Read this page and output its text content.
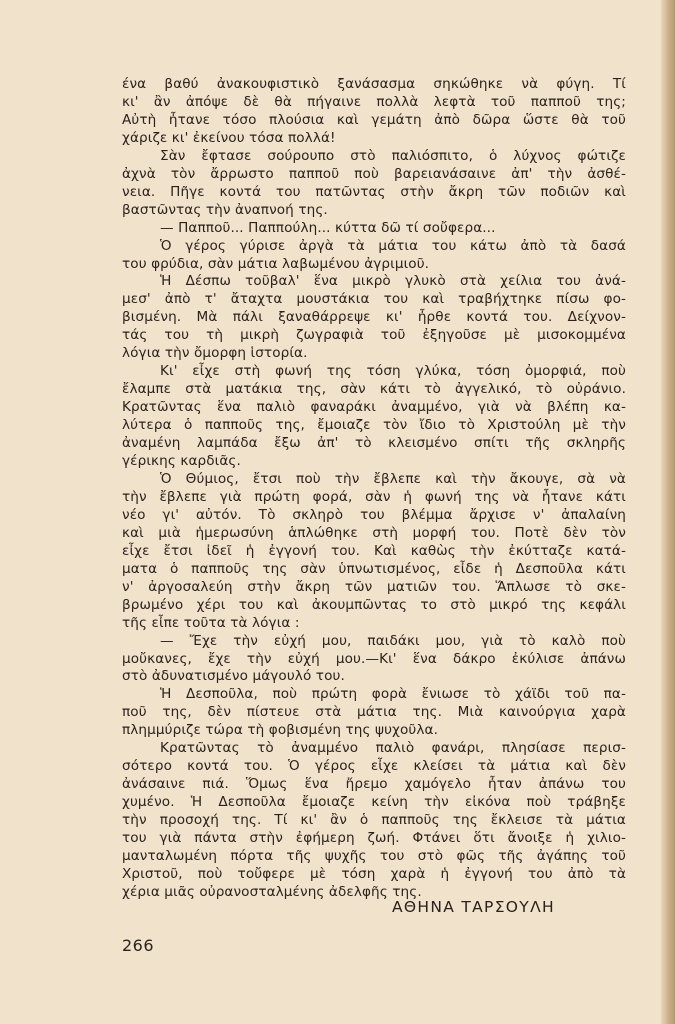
ένα βαθύ ἀνακουφιστικὸ ξανάσασμα σηκώθηκε νὰ φύγη. Τί
κι' ἂν ἀπόψε δὲ θὰ πήγαινε πολλὰ λεφτὰ τοῦ παπποῦ της;
Αὐτὴ ἦτανε τόσο πλούσια καὶ γεμάτη ἀπὸ δῶρα ὥστε θὰ τοῦ
χάριζε κι' ἐκείνου τόσα πολλά!
Σὰν ἔφτασε σούρουπο στὸ παλιόσπιτο, ὁ λύχνος φώτιζε
ἀχνὰ τὸν ἄρρωστο παπποῦ ποὺ βαρειανάσαινε ἀπ' τὴν ἀσθέ-
νεια. Πῆγε κοντά του πατῶντας στὴν ἄκρη τῶν ποδιῶν καὶ
βαστῶντας τὴν ἀναπνοή της.
— Παπποῦ... Παππούλη... κύττα δῶ τί σοὔφερα...
Ὁ γέρος γύρισε ἀργὰ τὰ μάτια του κάτω ἀπὸ τὰ δασά
του φρύδια, σὰν μάτια λαβωμένου ἀγριμιοῦ.
Ἡ Δέσπω τοῦβαλ' ἕνα μικρὸ γλυκὸ στὰ χείλια του ἀνά-
μεσ' ἀπὸ τ' ἄταχτα μουστάκια του καὶ τραβήχτηκε πίσω φο-
βισμένη. Μὰ πάλι ξαναθάρρεψε κι' ἦρθε κοντά του. Δείχνον-
τάς του τὴ μικρὴ ζωγραφιὰ τοῦ ἐξηγοῦσε μὲ μισοκομμένα
λόγια τὴν ὄμορφη ἱστορία.
Κι' εἶχε στὴ φωνή της τόση γλύκα, τόση ὀμορφιά, ποὺ
ἔλαμπε στὰ ματάκια της, σὰν κάτι τὸ ἀγγελικό, τὸ οὐράνιο.
Κρατῶντας ἕνα παλιὸ φαναράκι ἀναμμένο, γιὰ νὰ βλέπη κα-
λύτερα ὁ παπποῦς της, ἔμοιαζε τὸν ἴδιο τὸ Χριστούλη μὲ τὴν
ἀναμένη λαμπάδα ἔξω ἀπ' τὸ κλεισμένο σπίτι τῆς σκληρῆς
γέρικης καρδιᾶς.
Ὁ Θύμιος, ἔτσι ποὺ τὴν ἔβλεπε καὶ τὴν ἄκουγε, σὰ νὰ
τὴν ἔβλεπε γιὰ πρώτη φορά, σὰν ἡ φωνή της νὰ ἦτανε κάτι
νέο γι' αὐτόν. Τὸ σκληρὸ του βλέμμα ἄρχισε ν' ἀπαλαίνη
καὶ μιὰ ἡμερωσύνη ἁπλώθηκε στὴ μορφή του. Ποτὲ δὲν τὸν
εἶχε ἔτσι ἰδεῖ ἡ ἐγγονή του. Καὶ καθὼς τὴν ἐκύτταζε κατά-
ματα ὁ παπποῦς της σὰν ὑπνωτισμένος, εἶδε ἡ Δεσποῦλα κάτι
ν' ἀργοσαλεύη στὴν ἄκρη τῶν ματιῶν του. Ἅπλωσε τὸ σκε-
βρωμένο χέρι του καὶ ἀκουμπῶντας το στὸ μικρό της κεφάλι
τῆς εἶπε τοῦτα τὰ λόγια :
— Ἔχε τὴν εὐχή μου, παιδάκι μου, γιὰ τὸ καλὸ ποὺ
μοὔκανες, ἔχε τὴν εὐχή μου.—Κι' ἕνα δάκρο ἐκύλισε ἀπάνω
στὸ ἀδυνατισμένο μάγουλό του.
Ἡ Δεσποῦλα, ποὺ πρώτη φορὰ ἔνιωσε τὸ χάϊδι τοῦ πα-
ποῦ της, δὲν πίστευε στὰ μάτια της. Μιὰ καινούργια χαρὰ
πλημμύριζε τώρα τὴ φοβισμένη της ψυχοῦλα.
Κρατῶντας τὸ ἀναμμένο παλιὸ φανάρι, πλησίασε περισ-
σότερο κοντά του. Ὁ γέρος εἶχε κλείσει τὰ μάτια καὶ δὲν
ἀνάσαινε πιά. Ὅμως ἕνα ἤρεμο χαμόγελο ἦταν ἀπάνω του
χυμένο. Ἡ Δεσποῦλα ἔμοιαζε κείνη τὴν εἰκόνα ποὺ τράβηξε
τὴν προσοχή της. Τί κι' ἂν ὁ παπποῦς της ἔκλεισε τὰ μάτια
του γιὰ πάντα στὴν ἐφήμερη ζωή. Φτάνει ὅτι ἄνοιξε ἡ χιλιο-
μανταλωμένη πόρτα τῆς ψυχῆς του στὸ φῶς τῆς ἀγάπης τοῦ
Χριστοῦ, ποὺ τοὔφερε μὲ τόση χαρὰ ἡ ἐγγονή του ἀπὸ τὰ
χέρια μιᾶς οὐρανοσταλμένης ἀδελφῆς της.
ΑΘΗΝΑ ΤΑΡΣΟΥΛΗ
266
